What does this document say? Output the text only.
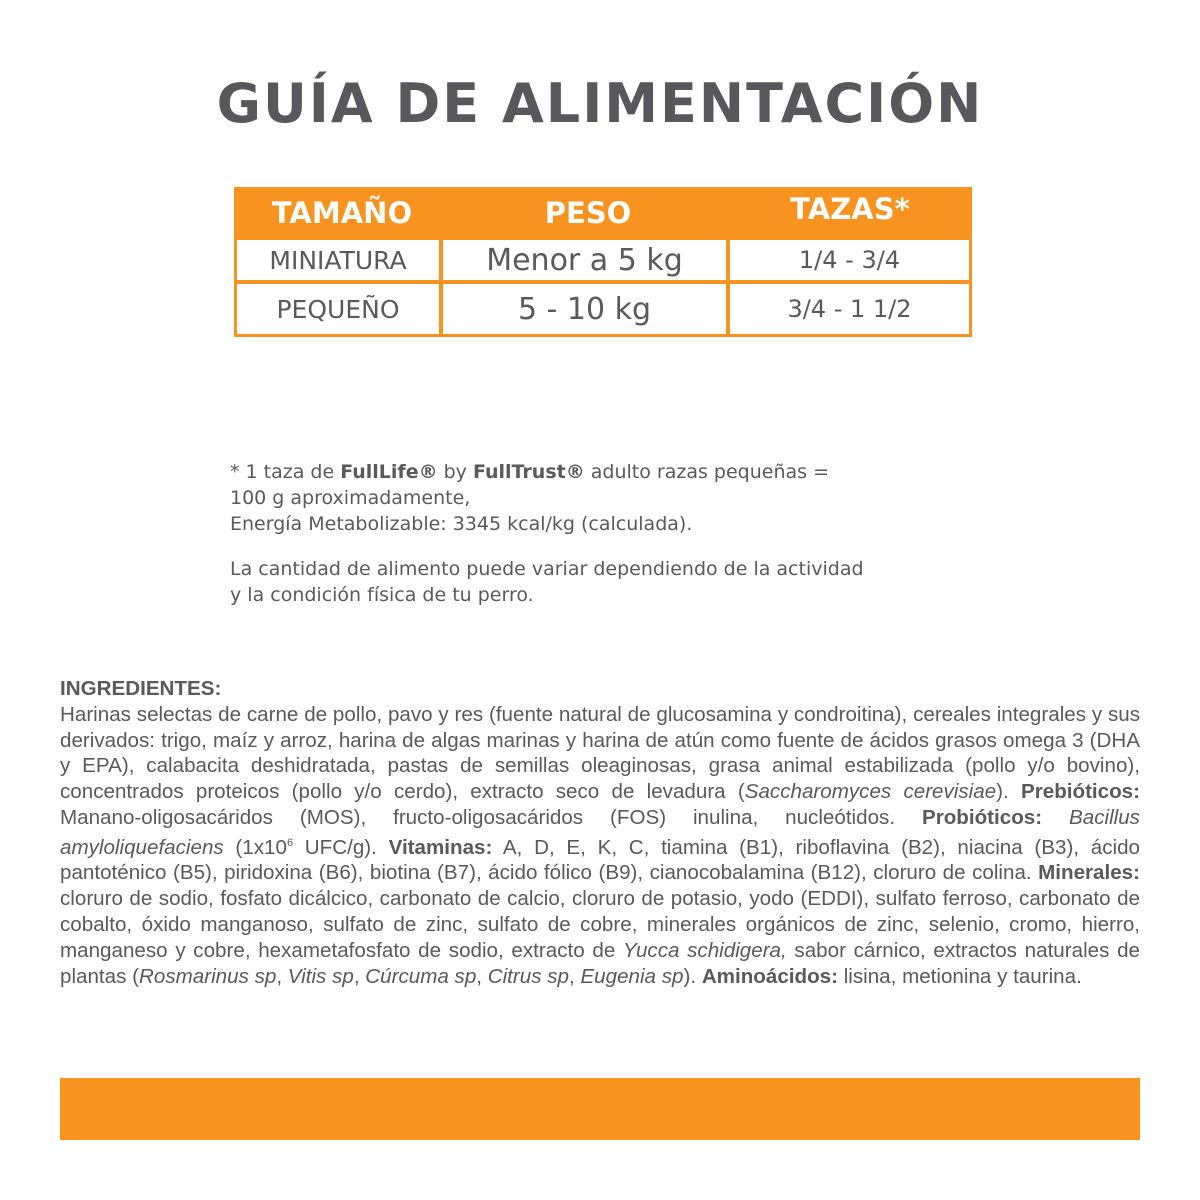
GUÍA DE ALIMENTACIÓN
TAMAÑO	PESO	TAZAS*
MINIATURA	Menor a 5 kg	1/4 - 3/4
PEQUEÑO	5 - 10 kg	3/4 - 1 1/2

* 1 taza de FullLife® by FullTrust® adulto razas pequeñas =
100 g aproximadamente,
Energía Metabolizable: 3345 kcal/kg (calculada).

La cantidad de alimento puede variar dependiendo de la actividad
y la condición física de tu perro.

INGREDIENTES:
Harinas selectas de carne de pollo, pavo y res (fuente natural de glucosamina y condroitina), cereales integrales y sus derivados: trigo, maíz y arroz, harina de algas marinas y harina de atún como fuente de ácidos grasos omega 3 (DHA y EPA), calabacita deshidratada, pastas de semillas oleaginosas, grasa animal estabilizada (pollo y/o bovino), concentrados proteicos (pollo y/o cerdo), extracto seco de levadura (Saccharomyces cerevisiae). Prebióticos: Manano-oligosacáridos (MOS), fructo-oligosacáridos (FOS) inulina, nucleótidos. Probióticos: Bacillus amyloliquefaciens ($1x10^6$ UFC/g). Vitaminas: A, D, E, K, C, tiamina (B1), riboflavina (B2), niacina (B3), ácido pantoténico (B5), piridoxina (B6), biotina (B7), ácido fólico (B9), cianocobalamina (B12), cloruro de colina. Minerales: cloruro de sodio, fosfato dicálcico, carbonato de calcio, cloruro de potasio, yodo (EDDI), sulfato ferroso, carbonato de cobalto, óxido manganoso, sulfato de zinc, sulfato de cobre, minerales orgánicos de zinc, selenio, cromo, hierro, manganeso y cobre, hexametafosfato de sodio, extracto de Yucca schidigera, sabor cárnico, extractos naturales de plantas (Rosmarinus sp, Vitis sp, Cúrcuma sp, Citrus sp, Eugenia sp). Aminoácidos: lisina, metionina y taurina.
